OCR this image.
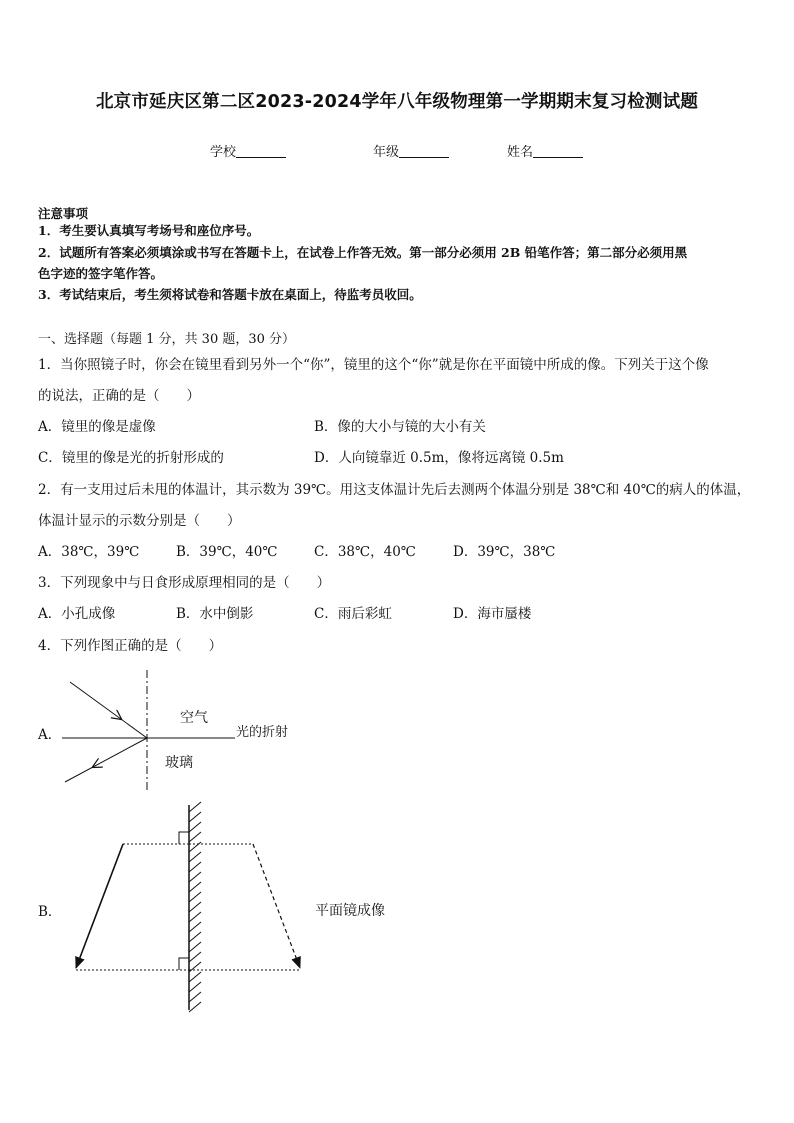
北京市延庆区第二区2023-2024学年八年级物理第一学期期末复习检测试题
学校	年级	姓名
注意事项
1．考生要认真填写考场号和座位序号。
2．试题所有答案必须填涂或书写在答题卡上，在试卷上作答无效。第一部分必须用 2B 铅笔作答；第二部分必须用黑
色字迹的签字笔作答。
3．考试结束后，考生须将试卷和答题卡放在桌面上，待监考员收回。
一、选择题（每题 1 分，共 30 题，30 分）
1．当你照镜子时，你会在镜里看到另外一个“你”，镜里的这个“你”就是你在平面镜中所成的像。下列关于这个像
的说法，正确的是（　　）
A．镜里的像是虚像	B．像的大小与镜的大小有关
C．镜里的像是光的折射形成的	D．人向镜靠近 0.5m，像将远离镜 0.5m
2．有一支用过后未甩的体温计，其示数为 39℃。用这支体温计先后去测两个体温分别是 38℃和 40℃的病人的体温，
体温计显示的示数分别是（　　）
A．38℃，39℃	B．39℃，40℃	C．38℃，40℃	D．39℃，38℃
3．下列现象中与日食形成原理相同的是（　　）
A．小孔成像	B．水中倒影	C．雨后彩虹	D．海市蜃楼
4．下列作图正确的是（　　）
A．
空气
玻璃
光的折射
B．	平面镜成像
